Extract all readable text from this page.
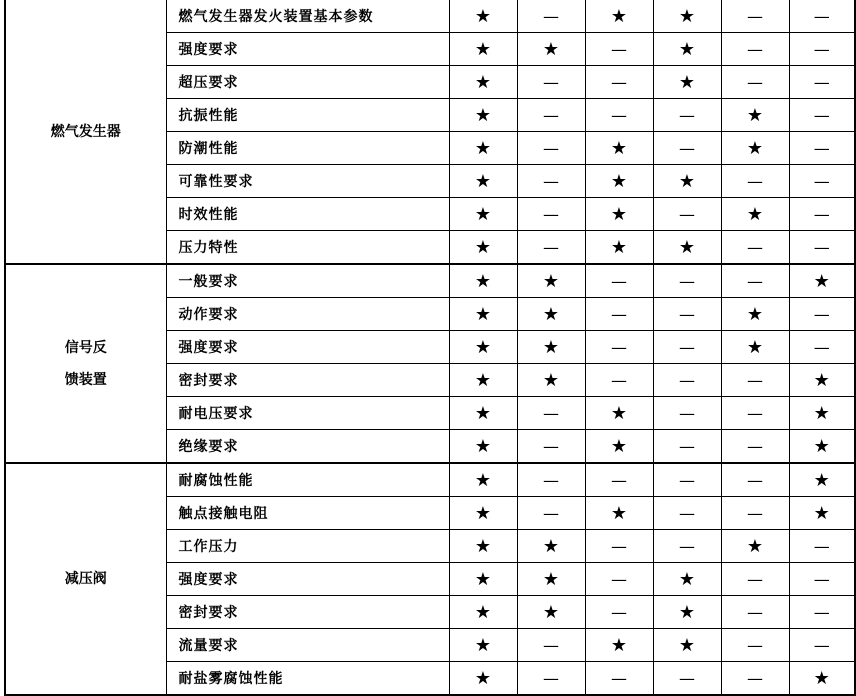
燃气发生器	燃气发生器发火装置基本参数	★	—	★	★	—	—
	强度要求	★	★	—	★	—	—
	超压要求	★	—	—	★	—	—
	抗振性能	★	—	—	—	★	—
	防潮性能	★	—	★	—	★	—
	可靠性要求	★	—	★	★	—	—
	时效性能	★	—	★	—	★	—
	压力特性	★	—	★	★	—	—

信号反
馈装置	一般要求	★	★	—	—	—	★
	动作要求	★	★	—	—	★	—
	强度要求	★	★	—	—	★	—
	密封要求	★	★	—	—	—	★
	耐电压要求	★	—	★	—	—	★
	绝缘要求	★	—	★	—	—	★

减压阀	耐腐蚀性能	★	—	—	—	—	★
	触点接触电阻	★	—	★	—	—	★
	工作压力	★	★	—	—	★	—
	强度要求	★	★	—	★	—	—
	密封要求	★	★	—	★	—	—
	流量要求	★	—	★	★	—	—
	耐盐雾腐蚀性能	★	—	—	—	—	★
